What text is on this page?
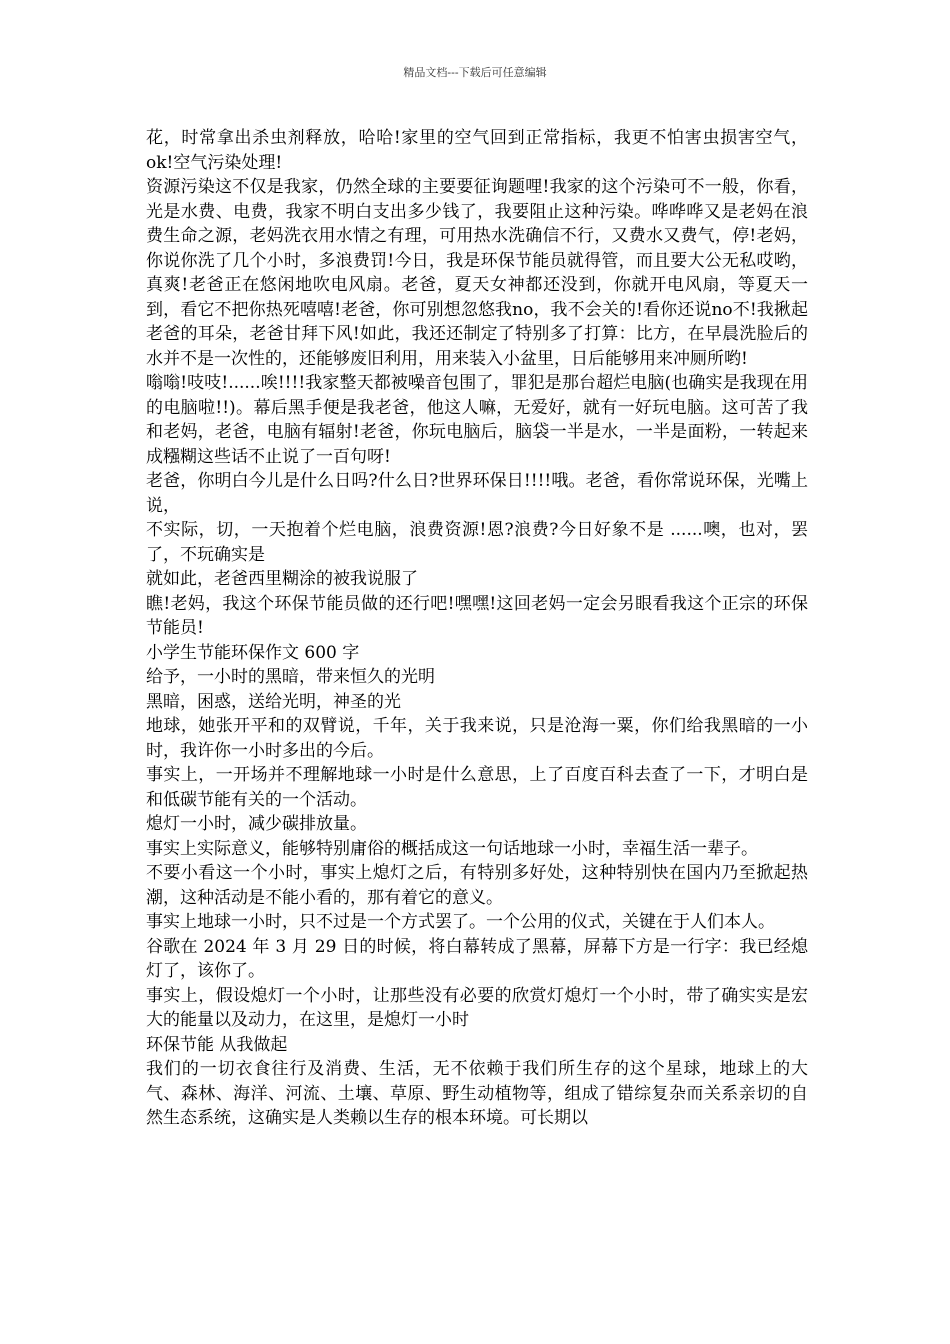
精品文档---下载后可任意编辑

花，时常拿出杀虫剂释放，哈哈!家里的空气回到正常指标，我更不怕害虫损害空气，ok!空气污染处理!

资源污染这不仅是我家，仍然全球的主要要征询题哩!我家的这个污染可不一般，你看，光是水费、电费，我家不明白支出多少钱了，我要阻止这种污染。哗哗哗又是老妈在浪费生命之源，老妈洗衣用水情之有理，可用热水洗确信不行，又费水又费气，停!老妈，你说你洗了几个小时，多浪费罚!今日，我是环保节能员就得管，而且要大公无私哎哟，真爽!老爸正在悠闲地吹电风扇。老爸，夏天女神都还没到，你就开电风扇，等夏天一到，看它不把你热死嘻嘻!老爸，你可别想忽悠我no，我不会关的!看你还说no不!我揪起老爸的耳朵，老爸甘拜下风!如此，我还还制定了特别多了打算：比方，在早晨洗脸后的水并不是一次性的，还能够废旧利用，用来装入小盆里，日后能够用来冲厕所哟!

嗡嗡!吱吱!......唉!!!!我家整天都被噪音包围了，罪犯是那台超烂电脑(也确实是我现在用的电脑啦!!)。幕后黑手便是我老爸，他这人嘛，无爱好，就有一好玩电脑。这可苦了我和老妈，老爸，电脑有辐射!老爸，你玩电脑后，脑袋一半是水，一半是面粉，一转起来成糨糊这些话不止说了一百句呀!

老爸，你明白今儿是什么日吗?什么日?世界环保日!!!!哦。老爸，看你常说环保，光嘴上说，

不实际，切，一天抱着个烂电脑，浪费资源!恩?浪费?今日好象不是 ......噢，也对，罢了，不玩确实是

就如此，老爸西里糊涂的被我说服了

瞧!老妈，我这个环保节能员做的还行吧!嘿嘿!这回老妈一定会另眼看我这个正宗的环保节能员!

小学生节能环保作文 600 字

给予，一小时的黑暗，带来恒久的光明

黑暗，困惑，送给光明，神圣的光

地球，她张开平和的双臂说，千年，关于我来说，只是沧海一粟，你们给我黑暗的一小时，我许你一小时多出的今后。

事实上，一开场并不理解地球一小时是什么意思，上了百度百科去查了一下，才明白是和低碳节能有关的一个活动。

熄灯一小时，减少碳排放量。

事实上实际意义，能够特别庸俗的概括成这一句话地球一小时，幸福生活一辈子。

不要小看这一个小时，事实上熄灯之后，有特别多好处，这种特别快在国内乃至掀起热潮，这种活动是不能小看的，那有着它的意义。

事实上地球一小时，只不过是一个方式罢了。一个公用的仪式，关键在于人们本人。

谷歌在 2024 年 3 月 29 日的时候，将白幕转成了黑幕，屏幕下方是一行字：我已经熄灯了，该你了。

事实上，假设熄灯一个小时，让那些没有必要的欣赏灯熄灯一个小时，带了确实实是宏大的能量以及动力，在这里，是熄灯一小时

环保节能 从我做起

我们的一切衣食往行及消费、生活，无不依赖于我们所生存的这个星球，地球上的大气、森林、海洋、河流、土壤、草原、野生动植物等，组成了错综复杂而关系亲切的自然生态系统，这确实是人类赖以生存的根本环境。可长期以
